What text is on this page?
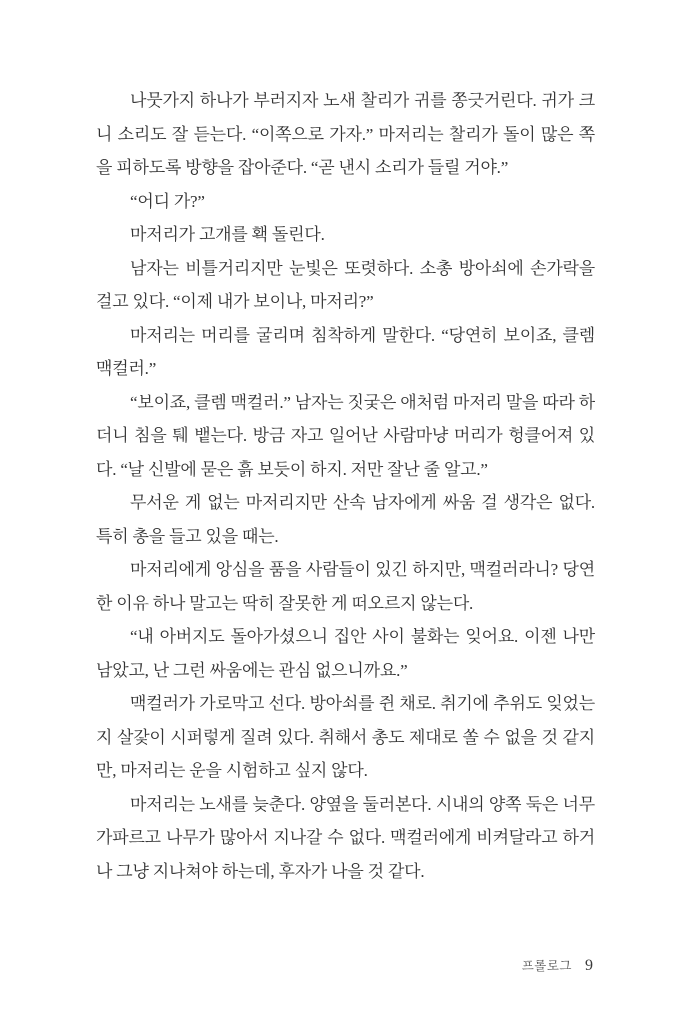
나뭇가지 하나가 부러지자 노새 찰리가 귀를 쫑긋거린다. 귀가 크니 소리도 잘 듣는다. “이쪽으로 가자.” 마저리는 찰리가 돌이 많은 쪽을 피하도록 방향을 잡아준다. “곧 낸시 소리가 들릴 거야.”

“어디 가?”

마저리가 고개를 홱 돌린다.

남자는 비틀거리지만 눈빛은 또렷하다. 소총 방아쇠에 손가락을 걸고 있다. “이제 내가 보이나, 마저리?”

마저리는 머리를 굴리며 침착하게 말한다. “당연히 보이죠, 클렘 맥컬러.”

“보이죠, 클렘 맥컬러.” 남자는 짓궂은 애처럼 마저리 말을 따라 하더니 침을 퉤 뱉는다. 방금 자고 일어난 사람마냥 머리가 헝클어져 있다. “날 신발에 묻은 흙 보듯이 하지. 저만 잘난 줄 알고.”

무서운 게 없는 마저리지만 산속 남자에게 싸움 걸 생각은 없다. 특히 총을 들고 있을 때는.

마저리에게 앙심을 품을 사람들이 있긴 하지만, 맥컬러라니? 당연한 이유 하나 말고는 딱히 잘못한 게 떠오르지 않는다.

“내 아버지도 돌아가셨으니 집안 사이 불화는 잊어요. 이젠 나만 남았고, 난 그런 싸움에는 관심 없으니까요.”

맥컬러가 가로막고 선다. 방아쇠를 쥔 채로. 취기에 추위도 잊었는지 살갗이 시퍼렇게 질려 있다. 취해서 총도 제대로 쏠 수 없을 것 같지만, 마저리는 운을 시험하고 싶지 않다.

마저리는 노새를 늦춘다. 양옆을 둘러본다. 시내의 양쪽 둑은 너무 가파르고 나무가 많아서 지나갈 수 없다. 맥컬러에게 비켜달라고 하거나 그냥 지나쳐야 하는데, 후자가 나을 것 같다.

프롤로그 9
